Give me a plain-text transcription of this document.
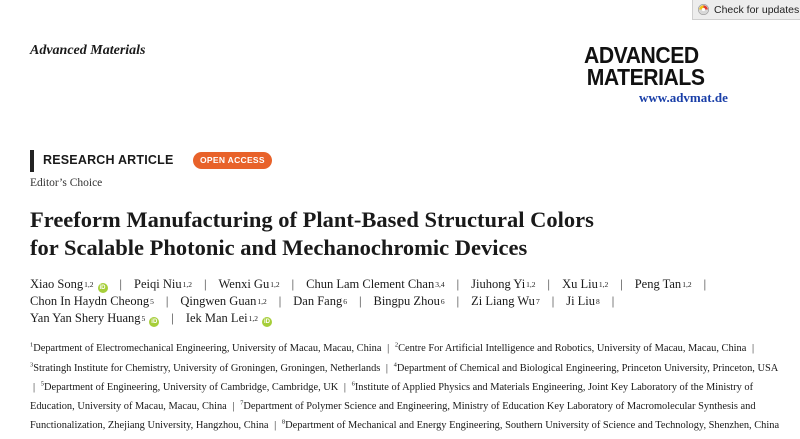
Check for updates
Advanced Materials	ADVANCED
MATERIALS
www.advmat.de
RESEARCH ARTICLE	OPEN ACCESS
Editor’s Choice
Freeform Manufacturing of Plant-Based Structural Colors
for Scalable Photonic and Mechanochromic Devices
Xiao Song$^{1,2}$	iD | Peiqi Niu$^{1,2}$ | Wenxi Gu$^{1,2}$ | Chun Lam Clement Chan$^{3,4}$ | Jiuhong Yi$^{1,2}$ | Xu Liu$^{1,2}$ | Peng Tan$^{1,2}$ |
Chon In Haydn Cheong$^5$ | Qingwen Guan$^{1,2}$ | Dan Fang$^6$ | Bingpu Zhou$^6$ | Zi Liang Wu$^7$ | Ji Liu$^8$ |
Yan Yan Shery Huang$^5$	iD | Iek Man Lei$^{1,2}$	iD
$^1$Department of Electromechanical Engineering, University of Macau, Macau, China | $^2$Centre For Artificial Intelligence and Robotics, University of Macau, Macau, China | $^3$Stratingh Institute for Chemistry, University of Groningen, Groningen, Netherlands | $^4$Department of Chemical and Biological Engineering, Princeton University, Princeton, USA | $^5$Department of Engineering, University of Cambridge, Cambridge, UK | $^6$Institute of Applied Physics and Materials Engineering, Joint Key Laboratory of the Ministry of Education, University of Macau, Macau, China | $^7$Department of Polymer Science and Engineering, Ministry of Education Key Laboratory of Macromolecular Synthesis and Functionalization, Zhejiang University, Hangzhou, China | $^8$Department of Mechanical and Energy Engineering, Southern University of Science and Technology, Shenzhen, China
